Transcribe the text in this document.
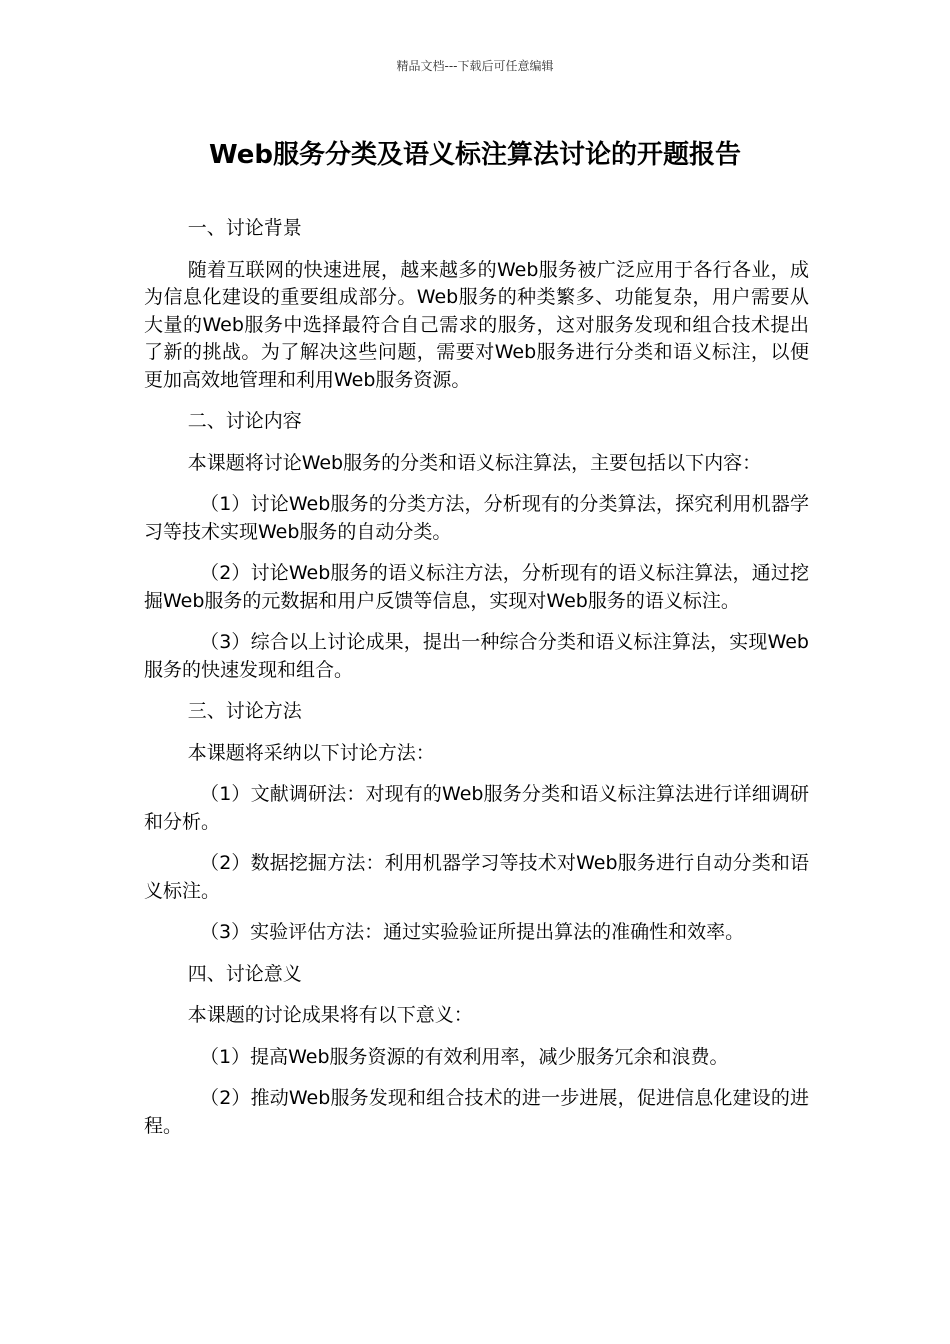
精品文档---下载后可任意编辑
Web服务分类及语义标注算法讨论的开题报告

一、讨论背景

随着互联网的快速进展，越来越多的Web服务被广泛应用于各行各业，成为信息化建设的重要组成部分。Web服务的种类繁多、功能复杂，用户需要从大量的Web服务中选择最符合自己需求的服务，这对服务发现和组合技术提出了新的挑战。为了解决这些问题，需要对Web服务进行分类和语义标注，以便更加高效地管理和利用Web服务资源。

二、讨论内容

本课题将讨论Web服务的分类和语义标注算法，主要包括以下内容：

（1）讨论Web服务的分类方法，分析现有的分类算法，探究利用机器学习等技术实现Web服务的自动分类。

（2）讨论Web服务的语义标注方法，分析现有的语义标注算法，通过挖掘Web服务的元数据和用户反馈等信息，实现对Web服务的语义标注。

（3）综合以上讨论成果，提出一种综合分类和语义标注算法，实现Web服务的快速发现和组合。

三、讨论方法

本课题将采纳以下讨论方法：

（1）文献调研法：对现有的Web服务分类和语义标注算法进行详细调研和分析。

（2）数据挖掘方法：利用机器学习等技术对Web服务进行自动分类和语义标注。

（3）实验评估方法：通过实验验证所提出算法的准确性和效率。

四、讨论意义

本课题的讨论成果将有以下意义：

（1）提高Web服务资源的有效利用率，减少服务冗余和浪费。

（2）推动Web服务发现和组合技术的进一步进展，促进信息化建设的进程。
